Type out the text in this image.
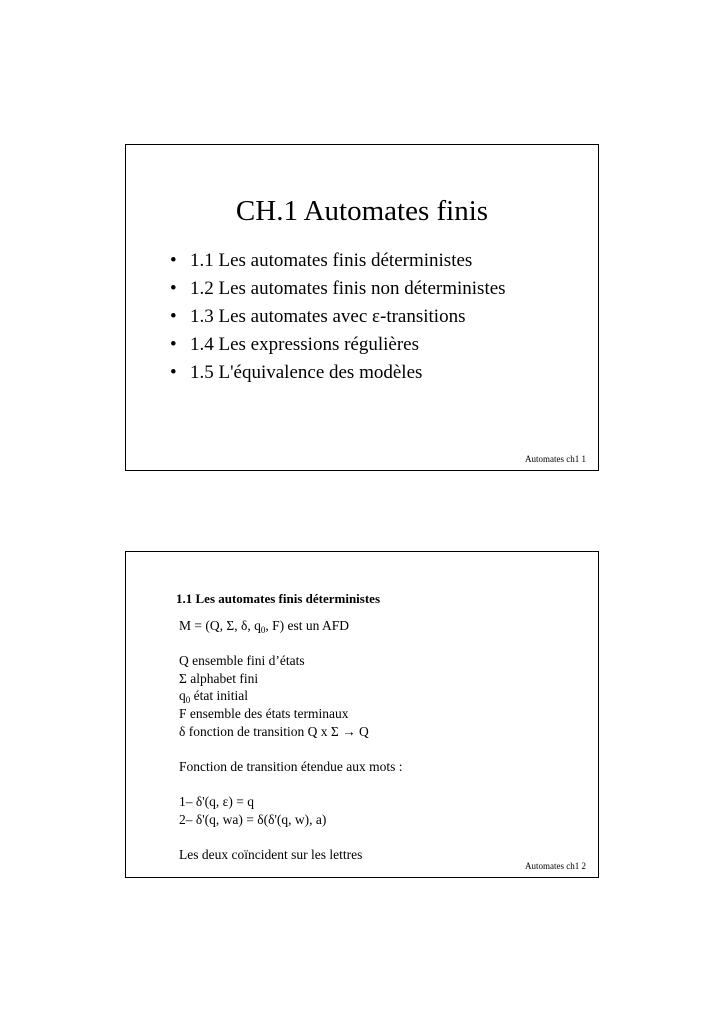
CH.1 Automates finis
• 1.1 Les automates finis déterministes
• 1.2 Les automates finis non déterministes
• 1.3 Les automates avec ε-transitions
• 1.4 Les expressions régulières
• 1.5 L'équivalence des modèles
Automates ch1 1
1.1 Les automates finis déterministes
M = (Q, Σ, δ, $q_0$, F) est un AFD
Q ensemble fini d’états
Σ alphabet fini
$q_0$ état initial
F ensemble des états terminaux
δ fonction de transition Q x Σ → Q
Fonction de transition étendue aux mots :
1– δ'(q, ε) = q
2– δ'(q, wa) = δ(δ'(q, w), a)
Les deux coïncident sur les lettres
Automates ch1 2
